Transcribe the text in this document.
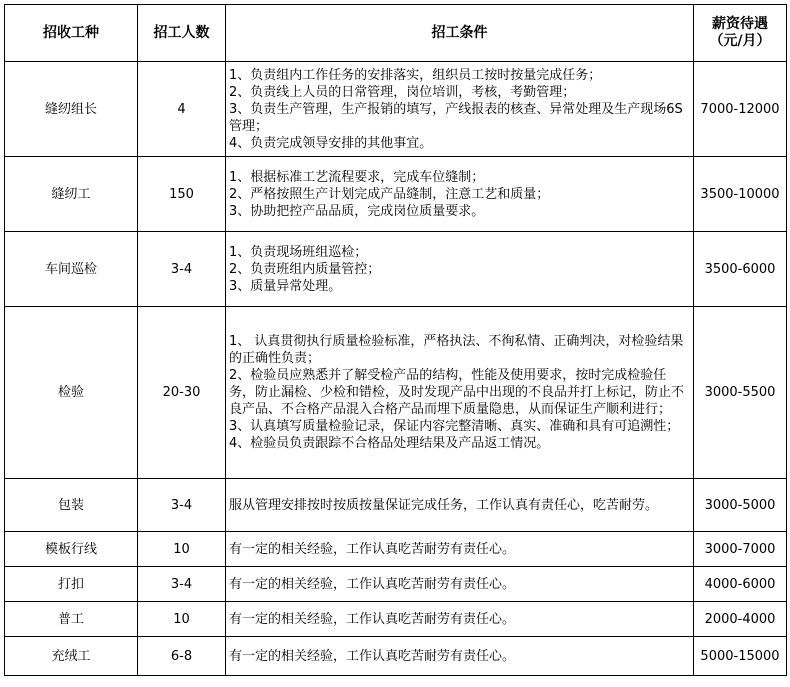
招收工种	招工人数	招工条件	薪资待遇
（元/月）

缝纫组长	4	1、负责组内工作任务的安排落实，组织员工按时按量完成任务；
2、负责线上人员的日常管理，岗位培训，考核，考勤管理；
3、负责生产管理，生产报销的填写，产线报表的核查、异常处理及生产现场6S管理；
4、负责完成领导安排的其他事宜。	7000-12000
缝纫工	150	1、根据标准工艺流程要求，完成车位缝制；
2、严格按照生产计划完成产品缝制，注意工艺和质量；
3、协助把控产品品质，完成岗位质量要求。	3500-10000
车间巡检	3-4	1、负责现场班组巡检；
2、负责班组内质量管控；
3、质量异常处理。	3500-6000
检验	20-30	1、 认真贯彻执行质量检验标准，严格执法、不徇私情、正确判决，对检验结果的正确性负责；
2、检验员应熟悉并了解受检产品的结构，性能及使用要求，按时完成检验任务，防止漏检、少检和错检，及时发现产品中出现的不良品并打上标记，防止不良产品、不合格产品混入合格产品而埋下质量隐患，从而保证生产顺利进行；
3、认真填写质量检验记录，保证内容完整清晰、真实、准确和具有可追溯性；
4、检验员负责跟踪不合格品处理结果及产品返工情况。	3000-5500
包装	3-4	服从管理安排按时按质按量保证完成任务，工作认真有责任心，吃苦耐劳。	3000-5000
模板行线	10	有一定的相关经验，工作认真吃苦耐劳有责任心。	3000-7000
打扣	3-4	有一定的相关经验，工作认真吃苦耐劳有责任心。	4000-6000
普工	10	有一定的相关经验，工作认真吃苦耐劳有责任心。	2000-4000
充绒工	6-8	有一定的相关经验，工作认真吃苦耐劳有责任心。	5000-15000
